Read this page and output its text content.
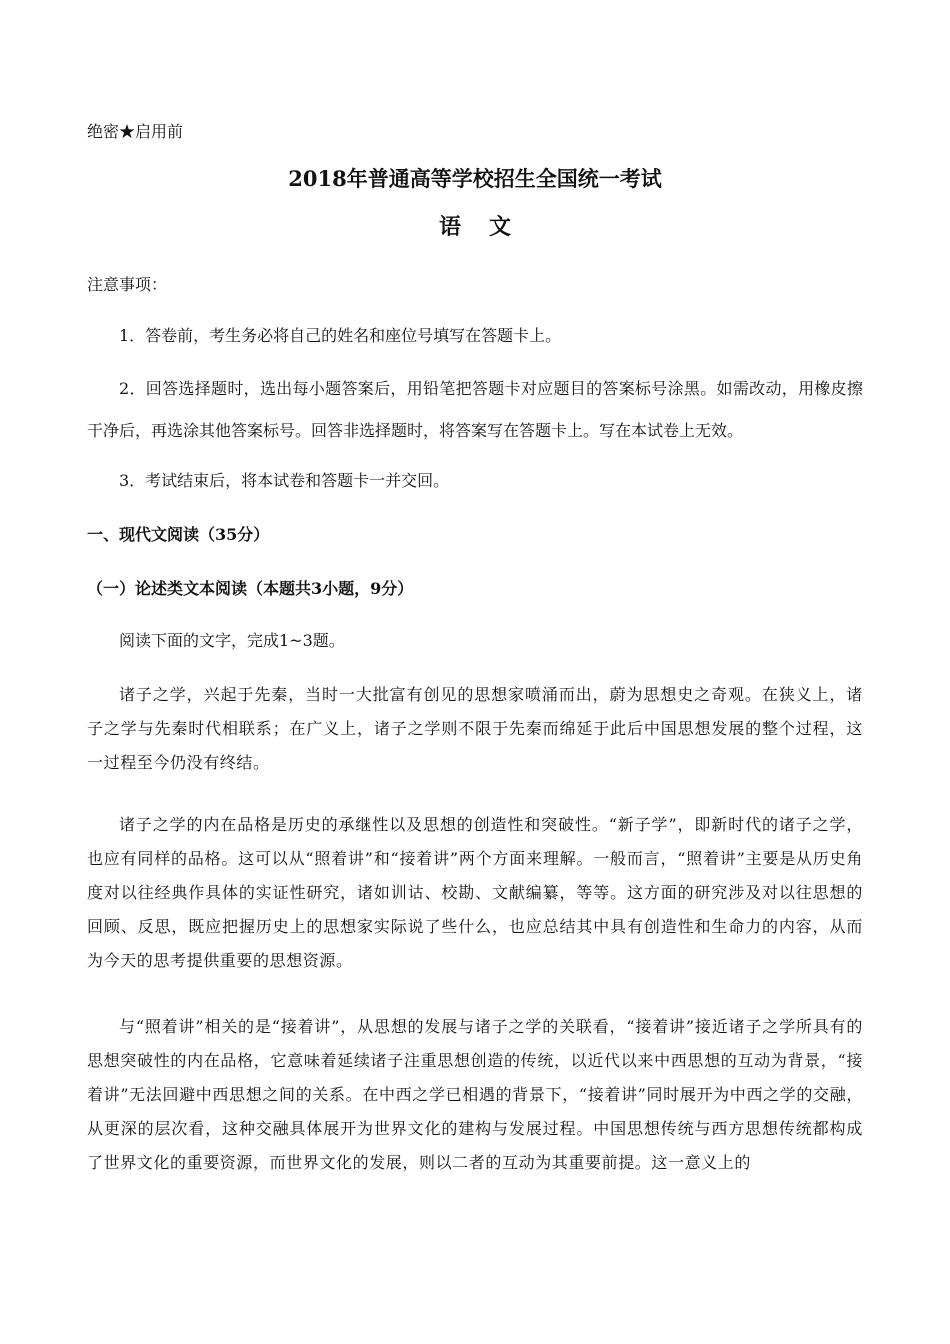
绝密★启用前
2018年普通高等学校招生全国统一考试
语文
注意事项：
1．答卷前，考生务必将自己的姓名和座位号填写在答题卡上。
2．回答选择题时，选出每小题答案后，用铅笔把答题卡对应题目的答案标号涂黑。如需改动，用橡皮擦干净后，再选涂其他答案标号。回答非选择题时，将答案写在答题卡上。写在本试卷上无效。
3．考试结束后，将本试卷和答题卡一并交回。
一、现代文阅读（35分）
（一）论述类文本阅读（本题共3小题，9分）
阅读下面的文字，完成1~3题。
诸子之学，兴起于先秦，当时一大批富有创见的思想家喷涌而出，蔚为思想史之奇观。在狭义上，诸子之学与先秦时代相联系；在广义上，诸子之学则不限于先秦而绵延于此后中国思想发展的整个过程，这一过程至今仍没有终结。
诸子之学的内在品格是历史的承继性以及思想的创造性和突破性。“新子学”，即新时代的诸子之学，也应有同样的品格。这可以从“照着讲”和“接着讲”两个方面来理解。一般而言，“照着讲”主要是从历史角度对以往经典作具体的实证性研究，诸如训诂、校勘、文献编纂，等等。这方面的研究涉及对以往思想的回顾、反思，既应把握历史上的思想家实际说了些什么，也应总结其中具有创造性和生命力的内容，从而为今天的思考提供重要的思想资源。
与“照着讲”相关的是“接着讲”，从思想的发展与诸子之学的关联看，“接着讲”接近诸子之学所具有的思想突破性的内在品格，它意味着延续诸子注重思想创造的传统，以近代以来中西思想的互动为背景，“接着讲”无法回避中西思想之间的关系。在中西之学已相遇的背景下，“接着讲”同时展开为中西之学的交融，从更深的层次看，这种交融具体展开为世界文化的建构与发展过程。中国思想传统与西方思想传统都构成了世界文化的重要资源，而世界文化的发展，则以二者的互动为其重要前提。这一意义上的
